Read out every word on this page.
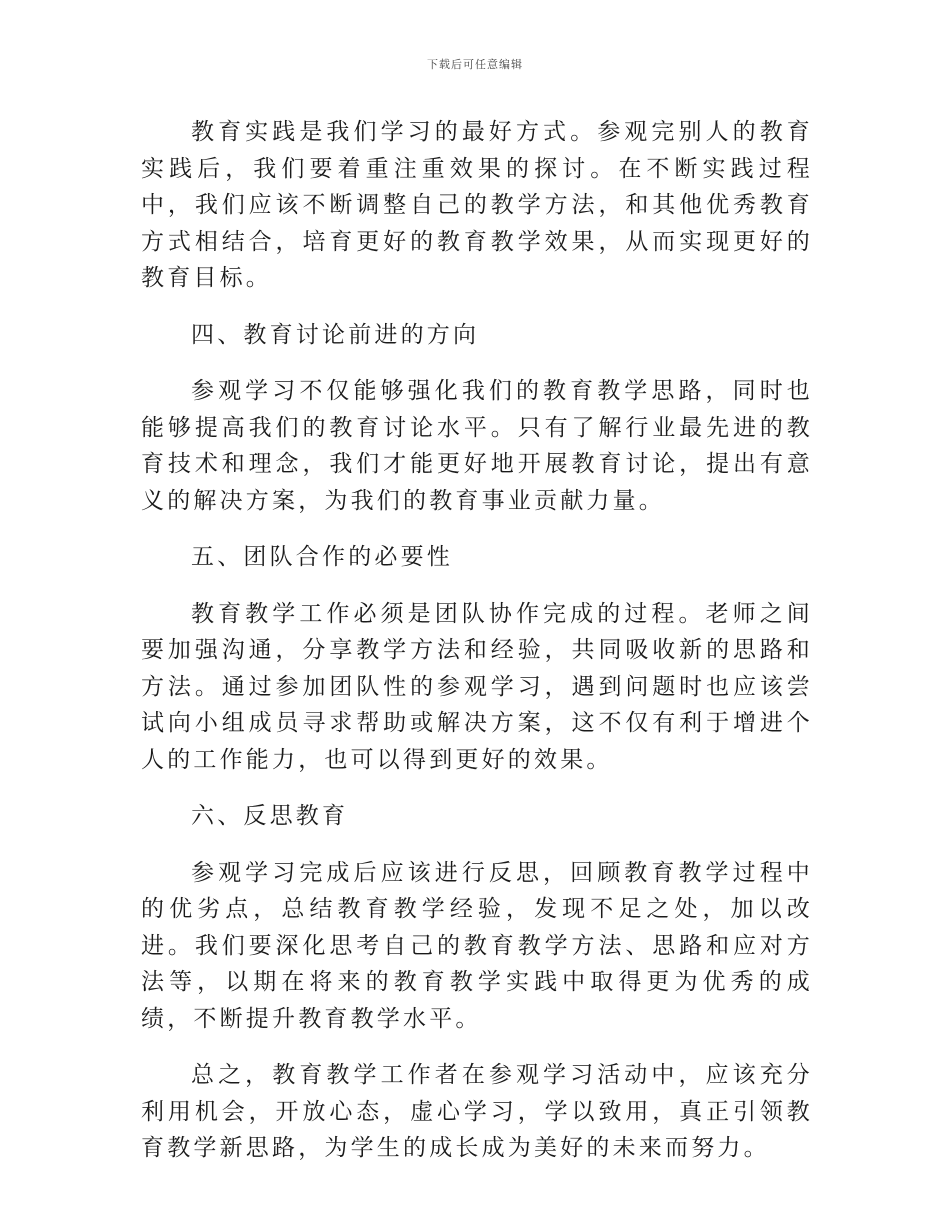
下载后可任意编辑

教育实践是我们学习的最好方式。参观完别人的教育实践后，我们要着重注重效果的探讨。在不断实践过程中，我们应该不断调整自己的教学方法，和其他优秀教育方式相结合，培育更好的教育教学效果，从而实现更好的教育目标。

四、教育讨论前进的方向

参观学习不仅能够强化我们的教育教学思路，同时也能够提高我们的教育讨论水平。只有了解行业最先进的教育技术和理念，我们才能更好地开展教育讨论，提出有意义的解决方案，为我们的教育事业贡献力量。

五、团队合作的必要性

教育教学工作必须是团队协作完成的过程。老师之间要加强沟通，分享教学方法和经验，共同吸收新的思路和方法。通过参加团队性的参观学习，遇到问题时也应该尝试向小组成员寻求帮助或解决方案，这不仅有利于增进个人的工作能力，也可以得到更好的效果。

六、反思教育

参观学习完成后应该进行反思，回顾教育教学过程中的优劣点，总结教育教学经验，发现不足之处，加以改进。我们要深化思考自己的教育教学方法、思路和应对方法等，以期在将来的教育教学实践中取得更为优秀的成绩，不断提升教育教学水平。

总之，教育教学工作者在参观学习活动中，应该充分利用机会，开放心态，虚心学习，学以致用，真正引领教育教学新思路，为学生的成长成为美好的未来而努力。
